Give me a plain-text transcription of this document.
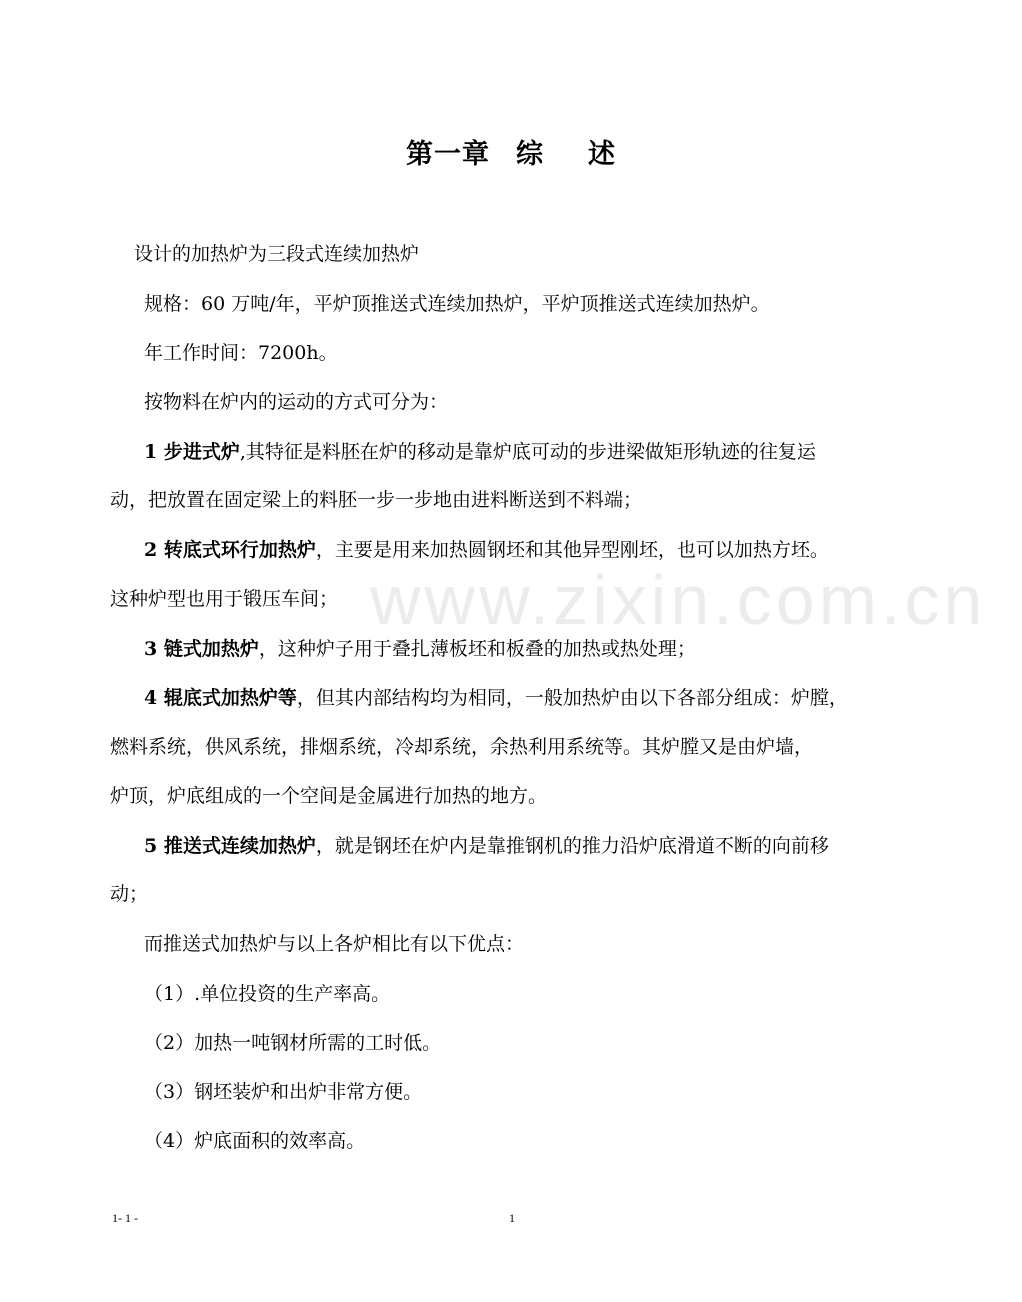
www.zixin.com.cn
第一章 综 述
设计的加热炉为三段式连续加热炉
规格：60 万吨/年，平炉顶推送式连续加热炉，平炉顶推送式连续加热炉。
年工作时间：7200h。
按物料在炉内的运动的方式可分为：
1 步进式炉,其特征是料胚在炉的移动是靠炉底可动的步进梁做矩形轨迹的往复运
动，把放置在固定梁上的料胚一步一步地由进料断送到不料端；
2 转底式环行加热炉，主要是用来加热圆钢坯和其他异型刚坯，也可以加热方坯。
这种炉型也用于锻压车间；
3 链式加热炉，这种炉子用于叠扎薄板坯和板叠的加热或热处理；
4 辊底式加热炉等，但其内部结构均为相同，一般加热炉由以下各部分组成：炉膛，
燃料系统，供风系统，排烟系统，冷却系统，余热利用系统等。其炉膛又是由炉墙，
炉顶，炉底组成的一个空间是金属进行加热的地方。
5 推送式连续加热炉，就是钢坯在炉内是靠推钢机的推力沿炉底滑道不断的向前移
动；
而推送式加热炉与以上各炉相比有以下优点：
（1）.单位投资的生产率高。
（2）加热一吨钢材所需的工时低。
（3）钢坯装炉和出炉非常方便。
（4）炉底面积的效率高。
1- 1 -	1
